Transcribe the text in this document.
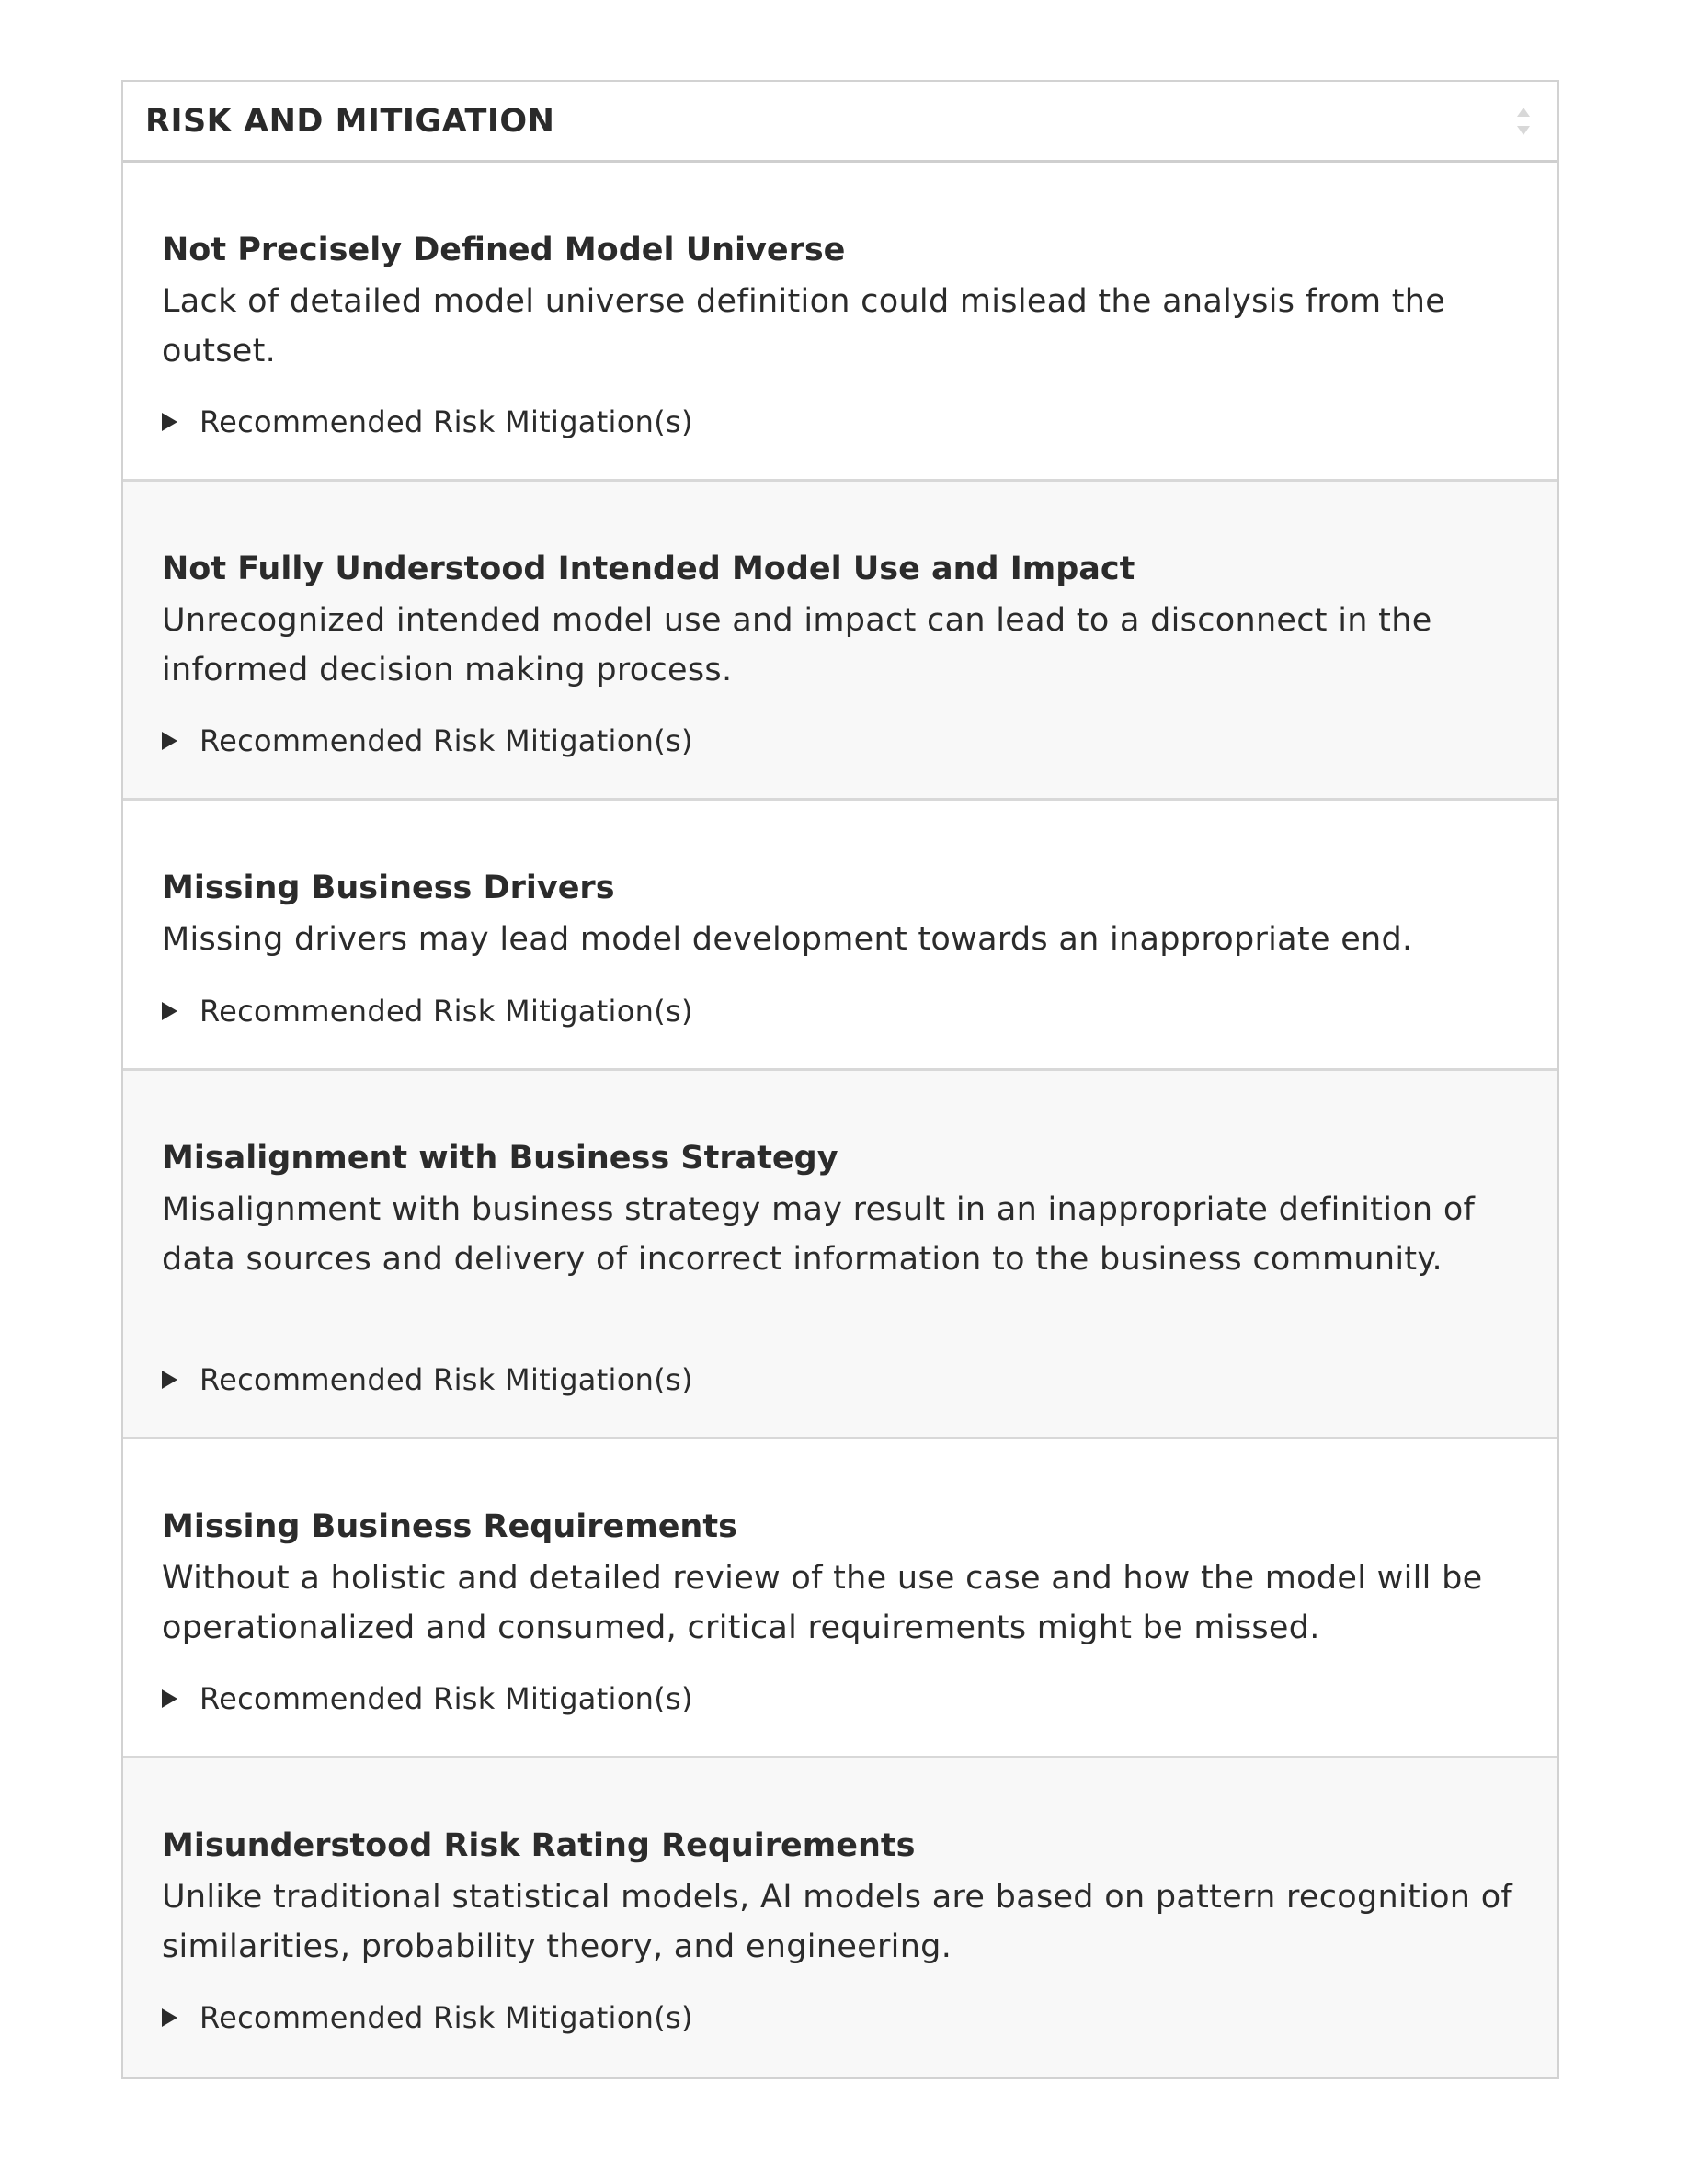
RISK AND MITIGATION
Not Precisely Defined Model Universe
Lack of detailed model universe definition could mislead the analysis from the outset.
Recommended Risk Mitigation(s)
Not Fully Understood Intended Model Use and Impact
Unrecognized intended model use and impact can lead to a disconnect in the informed decision making process.
Recommended Risk Mitigation(s)
Missing Business Drivers
Missing drivers may lead model development towards an inappropriate end.
Recommended Risk Mitigation(s)
Misalignment with Business Strategy
Misalignment with business strategy may result in an inappropriate definition of data sources and delivery of incorrect information to the business community.
Recommended Risk Mitigation(s)
Missing Business Requirements
Without a holistic and detailed review of the use case and how the model will be operationalized and consumed, critical requirements might be missed.
Recommended Risk Mitigation(s)
Misunderstood Risk Rating Requirements
Unlike traditional statistical models, AI models are based on pattern recognition of similarities, probability theory, and engineering.
Recommended Risk Mitigation(s)
